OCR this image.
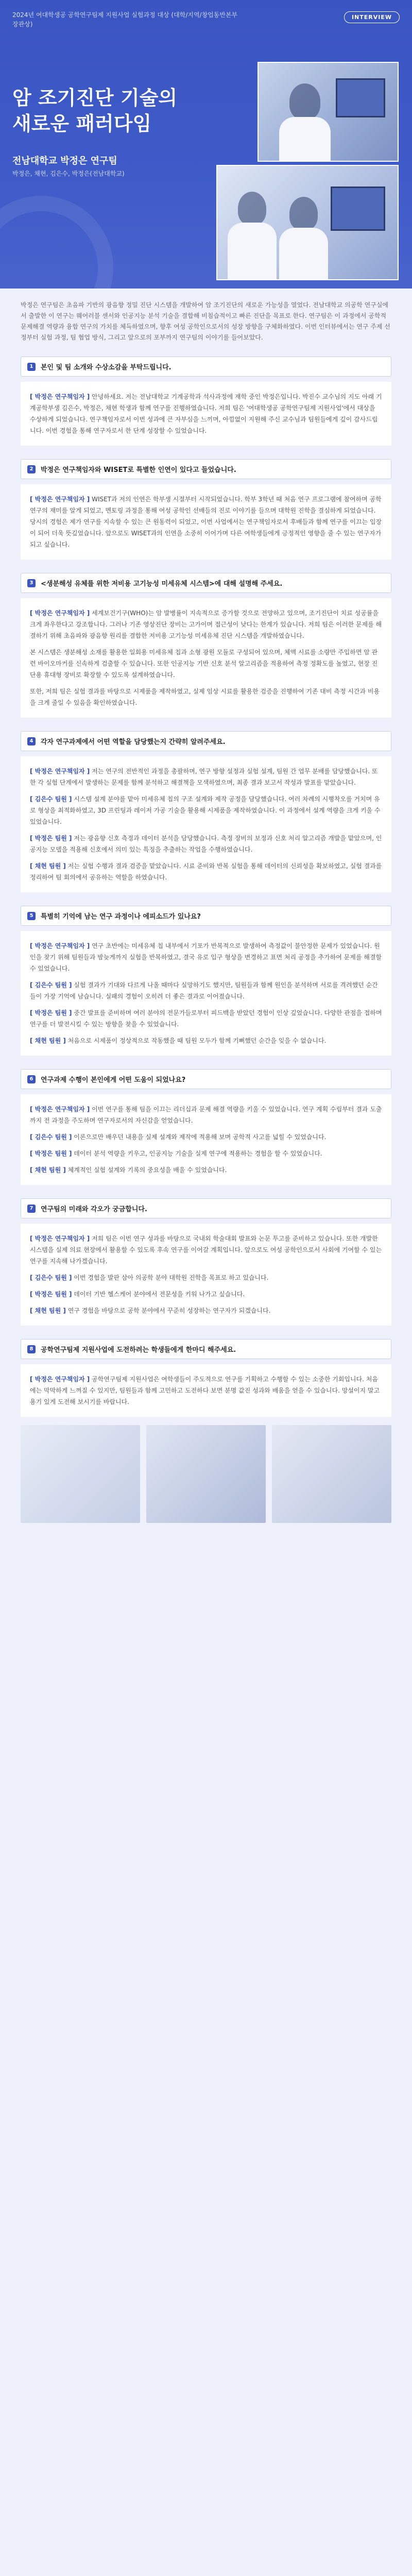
2024년 여대학생공 공학연구팀제 지원사업 실험과정 대상 (대학/지역/창업동반본부 장관상)
INTERVIEW
암 조기진단 기술의
새로운 패러다임
전남대학교 박정은 연구팀
박정은, 채현, 김은수, 박정은(전남대학교)
박정은 연구팀은 초음파 기반의 광음향 정밀 진단 시스템을 개발하여 암 조기진단의 새로운 가능성을 열었다. 전남대학교 의공학 연구실에서 출발한 이 연구는 웨어러블 센서와 인공지능 분석 기술을 결합해 비침습적이고 빠른 진단을 목표로 한다. 연구팀은 이 과정에서 공학적 문제해결 역량과 융합 연구의 가치를 체득하였으며, 향후 여성 공학인으로서의 성장 방향을 구체화하였다. 이번 인터뷰에서는 연구 주제 선정부터 실험 과정, 팀 협업 방식, 그리고 앞으로의 포부까지 연구팀의 이야기를 들어보았다.
1	본인 및 팀 소개와 수상소감을 부탁드립니다.

[ 박정은 연구책임자 ] 안녕하세요. 저는 전남대학교 기계공학과 석사과정에 재학 중인 박정은입니다. 박진수 교수님의 지도 아래 기계공학부생 김은수, 박정은, 채현 학생과 함께 연구를 진행하였습니다. 저희 팀은 '여대학생공 공학연구팀제 지원사업'에서 대상을 수상하게 되었습니다. 연구책임자로서 이번 성과에 큰 자부심을 느끼며, 아낌없이 지원해 주신 교수님과 팀원들에게 깊이 감사드립니다. 이번 경험을 통해 연구자로서 한 단계 성장할 수 있었습니다.

2	박정은 연구책임자와 WISET로 특별한 인연이 있다고 들었습니다.

[ 박정은 연구책임자 ] WISET과 저의 인연은 학부생 시절부터 시작되었습니다. 학부 3학년 때 처음 연구 프로그램에 참여하며 공학 연구의 재미를 알게 되었고, 멘토링 과정을 통해 여성 공학인 선배들의 진로 이야기를 들으며 대학원 진학을 결심하게 되었습니다. 당시의 경험은 제가 연구를 지속할 수 있는 큰 원동력이 되었고, 이번 사업에서는 연구책임자로서 후배들과 함께 연구를 이끄는 입장이 되어 더욱 뜻깊었습니다. 앞으로도 WISET과의 인연을 소중히 이어가며 다른 여학생들에게 긍정적인 영향을 줄 수 있는 연구자가 되고 싶습니다.

3	<생분해성 유체를 위한 저비용 고기능성 미세유체 시스템>에 대해 설명해 주세요.

[ 박정은 연구책임자 ] 세계보건기구(WHO)는 암 발병률이 지속적으로 증가할 것으로 전망하고 있으며, 조기진단이 치료 성공률을 크게 좌우한다고 강조합니다. 그러나 기존 영상진단 장비는 고가이며 접근성이 낮다는 한계가 있습니다. 저희 팀은 이러한 문제를 해결하기 위해 초음파와 광음향 원리를 결합한 저비용 고기능성 미세유체 진단 시스템을 개발하였습니다.

본 시스템은 생분해성 소재를 활용한 일회용 미세유체 칩과 소형 광원 모듈로 구성되어 있으며, 체액 시료를 소량만 주입하면 암 관련 바이오마커를 신속하게 검출할 수 있습니다. 또한 인공지능 기반 신호 분석 알고리즘을 적용하여 측정 정확도를 높였고, 현장 진단용 휴대형 장비로 확장할 수 있도록 설계하였습니다.

또한, 저희 팀은 실험 결과를 바탕으로 시제품을 제작하였고, 실제 임상 시료를 활용한 검증을 진행하여 기존 대비 측정 시간과 비용을 크게 줄일 수 있음을 확인하였습니다.

4	각자 연구과제에서 어떤 역할을 담당했는지 간략히 알려주세요.

[ 박정은 연구책임자 ] 저는 연구의 전반적인 과정을 총괄하며, 연구 방향 설정과 실험 설계, 팀원 간 업무 분배를 담당했습니다. 또한 각 실험 단계에서 발생하는 문제를 함께 분석하고 해결책을 모색하였으며, 최종 결과 보고서 작성과 발표를 맡았습니다.

[ 김은수 팀원 ] 시스템 설계 분야를 맡아 미세유체 칩의 구조 설계와 제작 공정을 담당했습니다. 여러 차례의 시행착오를 거치며 유로 형상을 최적화하였고, 3D 프린팅과 레이저 가공 기술을 활용해 시제품을 제작하였습니다. 이 과정에서 설계 역량을 크게 키울 수 있었습니다.

[ 박정은 팀원 ] 저는 광음향 신호 측정과 데이터 분석을 담당했습니다. 측정 장비의 보정과 신호 처리 알고리즘 개발을 맡았으며, 인공지능 모델을 적용해 신호에서 의미 있는 특징을 추출하는 작업을 수행하였습니다.

[ 채현 팀원 ] 저는 실험 수행과 결과 검증을 맡았습니다. 시료 준비와 반복 실험을 통해 데이터의 신뢰성을 확보하였고, 실험 결과를 정리하여 팀 회의에서 공유하는 역할을 하였습니다.

5	특별히 기억에 남는 연구 과정이나 에피소드가 있나요?

[ 박정은 연구책임자 ] 연구 초반에는 미세유체 칩 내부에서 기포가 반복적으로 발생하여 측정값이 불안정한 문제가 있었습니다. 원인을 찾기 위해 팀원들과 밤늦게까지 실험을 반복하였고, 결국 유로 입구 형상을 변경하고 표면 처리 공정을 추가하여 문제를 해결할 수 있었습니다.

[ 김은수 팀원 ] 실험 결과가 기대와 다르게 나올 때마다 실망하기도 했지만, 팀원들과 함께 원인을 분석하며 서로를 격려했던 순간들이 가장 기억에 남습니다. 실패의 경험이 오히려 더 좋은 결과로 이어졌습니다.

[ 박정은 팀원 ] 중간 발표를 준비하며 여러 분야의 전문가들로부터 피드백을 받았던 경험이 인상 깊었습니다. 다양한 관점을 접하며 연구를 더 발전시킬 수 있는 방향을 찾을 수 있었습니다.

[ 채현 팀원 ] 처음으로 시제품이 정상적으로 작동했을 때 팀원 모두가 함께 기뻐했던 순간을 잊을 수 없습니다.

6	연구과제 수행이 본인에게 어떤 도움이 되었나요?

[ 박정은 연구책임자 ] 이번 연구를 통해 팀을 이끄는 리더십과 문제 해결 역량을 키울 수 있었습니다. 연구 계획 수립부터 결과 도출까지 전 과정을 주도하며 연구자로서의 자신감을 얻었습니다.

[ 김은수 팀원 ] 이론으로만 배우던 내용을 실제 설계와 제작에 적용해 보며 공학적 사고를 넓힐 수 있었습니다.

[ 박정은 팀원 ] 데이터 분석 역량을 키우고, 인공지능 기술을 실제 연구에 적용하는 경험을 할 수 있었습니다.

[ 채현 팀원 ] 체계적인 실험 설계와 기록의 중요성을 배울 수 있었습니다.

7	연구팀의 미래와 각오가 궁금합니다.

[ 박정은 연구책임자 ] 저희 팀은 이번 연구 성과를 바탕으로 국내외 학술대회 발표와 논문 투고를 준비하고 있습니다. 또한 개발한 시스템을 실제 의료 현장에서 활용할 수 있도록 후속 연구를 이어갈 계획입니다. 앞으로도 여성 공학인으로서 사회에 기여할 수 있는 연구를 지속해 나가겠습니다.

[ 김은수 팀원 ] 이번 경험을 발판 삼아 의공학 분야 대학원 진학을 목표로 하고 있습니다.

[ 박정은 팀원 ] 데이터 기반 헬스케어 분야에서 전문성을 키워 나가고 싶습니다.

[ 채현 팀원 ] 연구 경험을 바탕으로 공학 분야에서 꾸준히 성장하는 연구자가 되겠습니다.

8	공학연구팀제 지원사업에 도전하려는 학생들에게 한마디 해주세요.

[ 박정은 연구책임자 ] 공학연구팀제 지원사업은 여학생들이 주도적으로 연구를 기획하고 수행할 수 있는 소중한 기회입니다. 처음에는 막막하게 느껴질 수 있지만, 팀원들과 함께 고민하고 도전하다 보면 분명 값진 성과와 배움을 얻을 수 있습니다. 망설이지 말고 용기 있게 도전해 보시기를 바랍니다.
